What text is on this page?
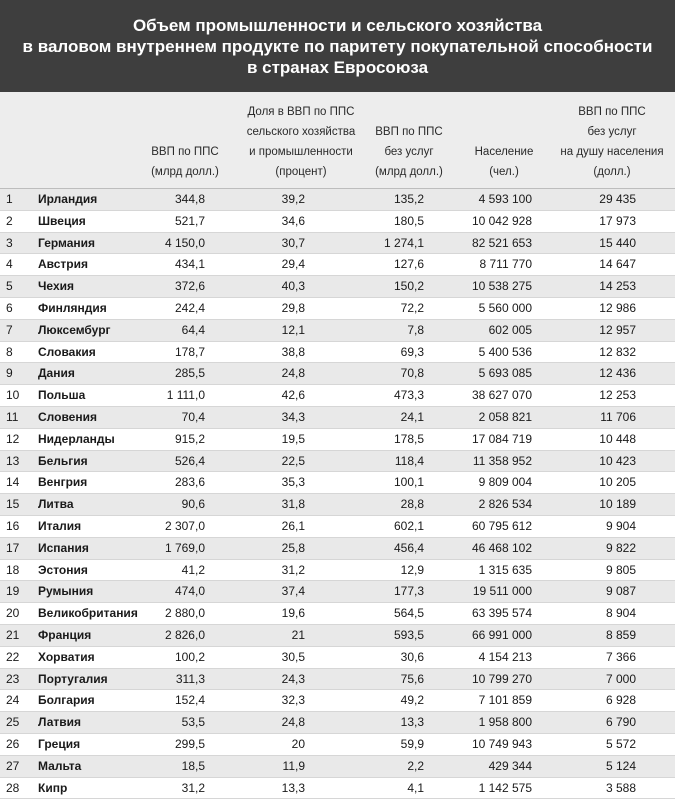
Объем промышленности и сельского хозяйства
в валовом внутреннем продукте по паритету покупательной способности
в странах Евросоюза
ВВП по ППС
(млрд долл.)
Доля в ВВП по ППС
сельского хозяйства
и промышленности
(процент)
ВВП по ППС
без услуг
(млрд долл.)
Население
(чел.)
ВВП по ППС
без услуг
на душу населения
(долл.)
1	Ирландия	344,8	39,2	135,2	4 593 100	29 435
2	Швеция	521,7	34,6	180,5	10 042 928	17 973
3	Германия	4 150,0	30,7	1 274,1	82 521 653	15 440
4	Австрия	434,1	29,4	127,6	8 711 770	14 647
5	Чехия	372,6	40,3	150,2	10 538 275	14 253
6	Финляндия	242,4	29,8	72,2	5 560 000	12 986
7	Люксембург	64,4	12,1	7,8	602 005	12 957
8	Словакия	178,7	38,8	69,3	5 400 536	12 832
9	Дания	285,5	24,8	70,8	5 693 085	12 436
10	Польша	1 111,0	42,6	473,3	38 627 070	12 253
11	Словения	70,4	34,3	24,1	2 058 821	11 706
12	Нидерланды	915,2	19,5	178,5	17 084 719	10 448
13	Бельгия	526,4	22,5	118,4	11 358 952	10 423
14	Венгрия	283,6	35,3	100,1	9 809 004	10 205
15	Литва	90,6	31,8	28,8	2 826 534	10 189
16	Италия	2 307,0	26,1	602,1	60 795 612	9 904
17	Испания	1 769,0	25,8	456,4	46 468 102	9 822
18	Эстония	41,2	31,2	12,9	1 315 635	9 805
19	Румыния	474,0	37,4	177,3	19 511 000	9 087
20	Великобритания	2 880,0	19,6	564,5	63 395 574	8 904
21	Франция	2 826,0	21	593,5	66 991 000	8 859
22	Хорватия	100,2	30,5	30,6	4 154 213	7 366
23	Португалия	311,3	24,3	75,6	10 799 270	7 000
24	Болгария	152,4	32,3	49,2	7 101 859	6 928
25	Латвия	53,5	24,8	13,3	1 958 800	6 790
26	Греция	299,5	20	59,9	10 749 943	5 572
27	Мальта	18,5	11,9	2,2	429 344	5 124
28	Кипр	31,2	13,3	4,1	1 142 575	3 588
